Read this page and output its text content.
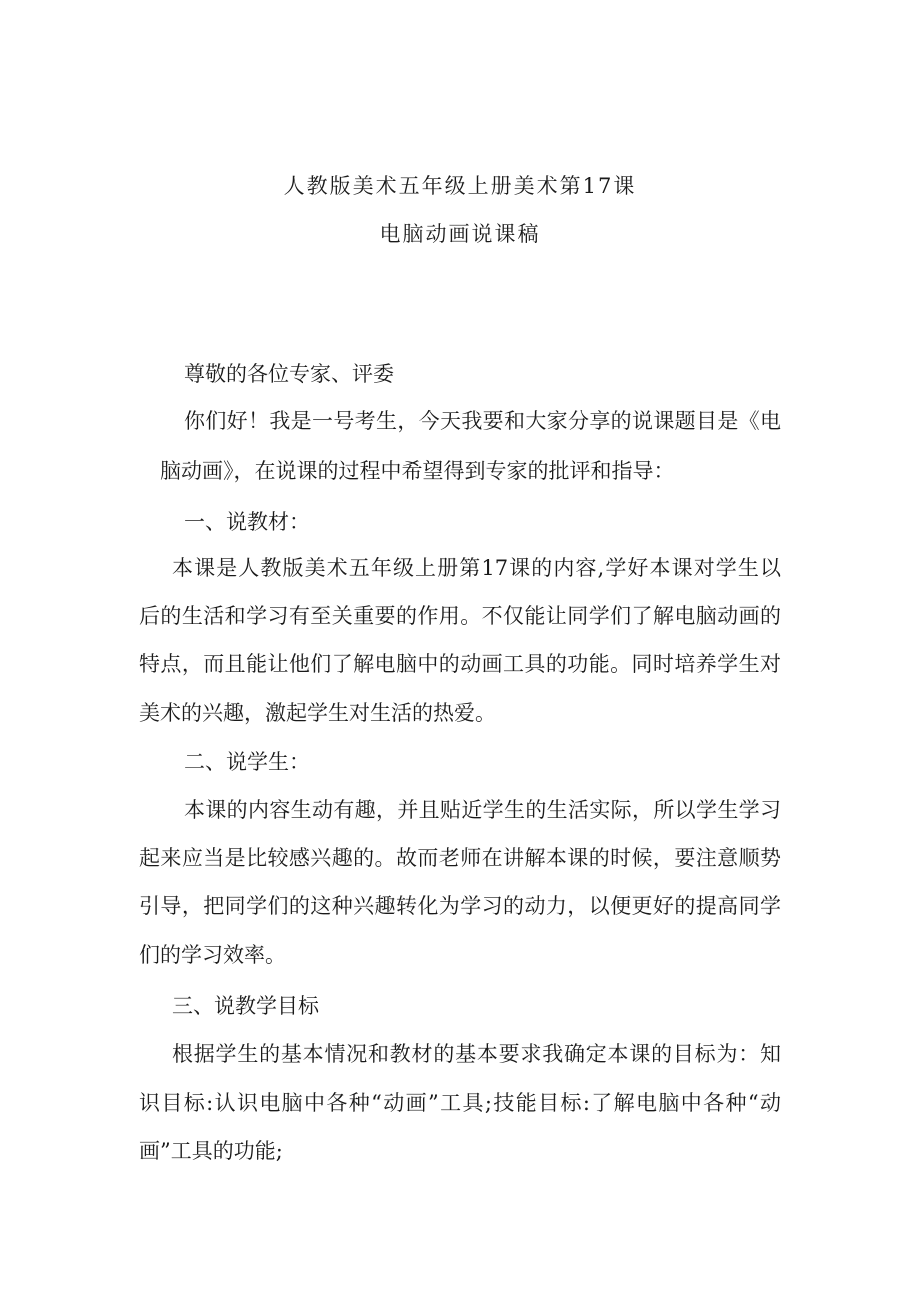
人教版美术五年级上册美术第17课
电脑动画说课稿
尊敬的各位专家、评委
你们好！我是一号考生，今天我要和大家分享的说课题目是《电
脑动画》，在说课的过程中希望得到专家的批评和指导：
一、说教材：
本课是人教版美术五年级上册第17课的内容,学好本课对学生以
后的生活和学习有至关重要的作用。不仅能让同学们了解电脑动画的
特点，而且能让他们了解电脑中的动画工具的功能。同时培养学生对
美术的兴趣，激起学生对生活的热爱。
二、说学生：
本课的内容生动有趣，并且贴近学生的生活实际，所以学生学习
起来应当是比较感兴趣的。故而老师在讲解本课的时候，要注意顺势
引导，把同学们的这种兴趣转化为学习的动力，以便更好的提高同学
们的学习效率。
三、说教学目标
根据学生的基本情况和教材的基本要求我确定本课的目标为：知
识目标:认识电脑中各种“动画”工具;技能目标:了解电脑中各种“动
画”工具的功能;
